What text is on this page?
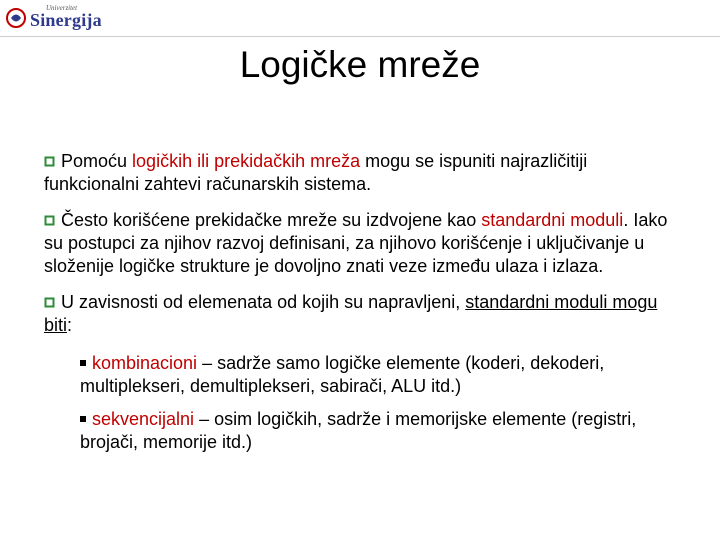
Univerzitet
Sinergija
Logičke mreže

Pomoću logičkih ili prekidačkih mreža mogu se ispuniti najrazličitiji funkcionalni zahtevi računarskih sistema.

Često korišćene prekidačke mreže su izdvojene kao standardni moduli. Iako su postupci za njihov razvoj definisani, za njihovo korišćenje i uključivanje u složenije logičke strukture je dovoljno znati veze između ulaza i izlaza.

U zavisnosti od elemenata od kojih su napravljeni, standardni moduli mogu biti:

kombinacioni – sadrže samo logičke elemente (koderi, dekoderi, multiplekseri, demultiplekseri, sabirači, ALU itd.)

sekvencijalni – osim logičkih, sadrže i memorijske elemente (registri, brojači, memorije itd.)
